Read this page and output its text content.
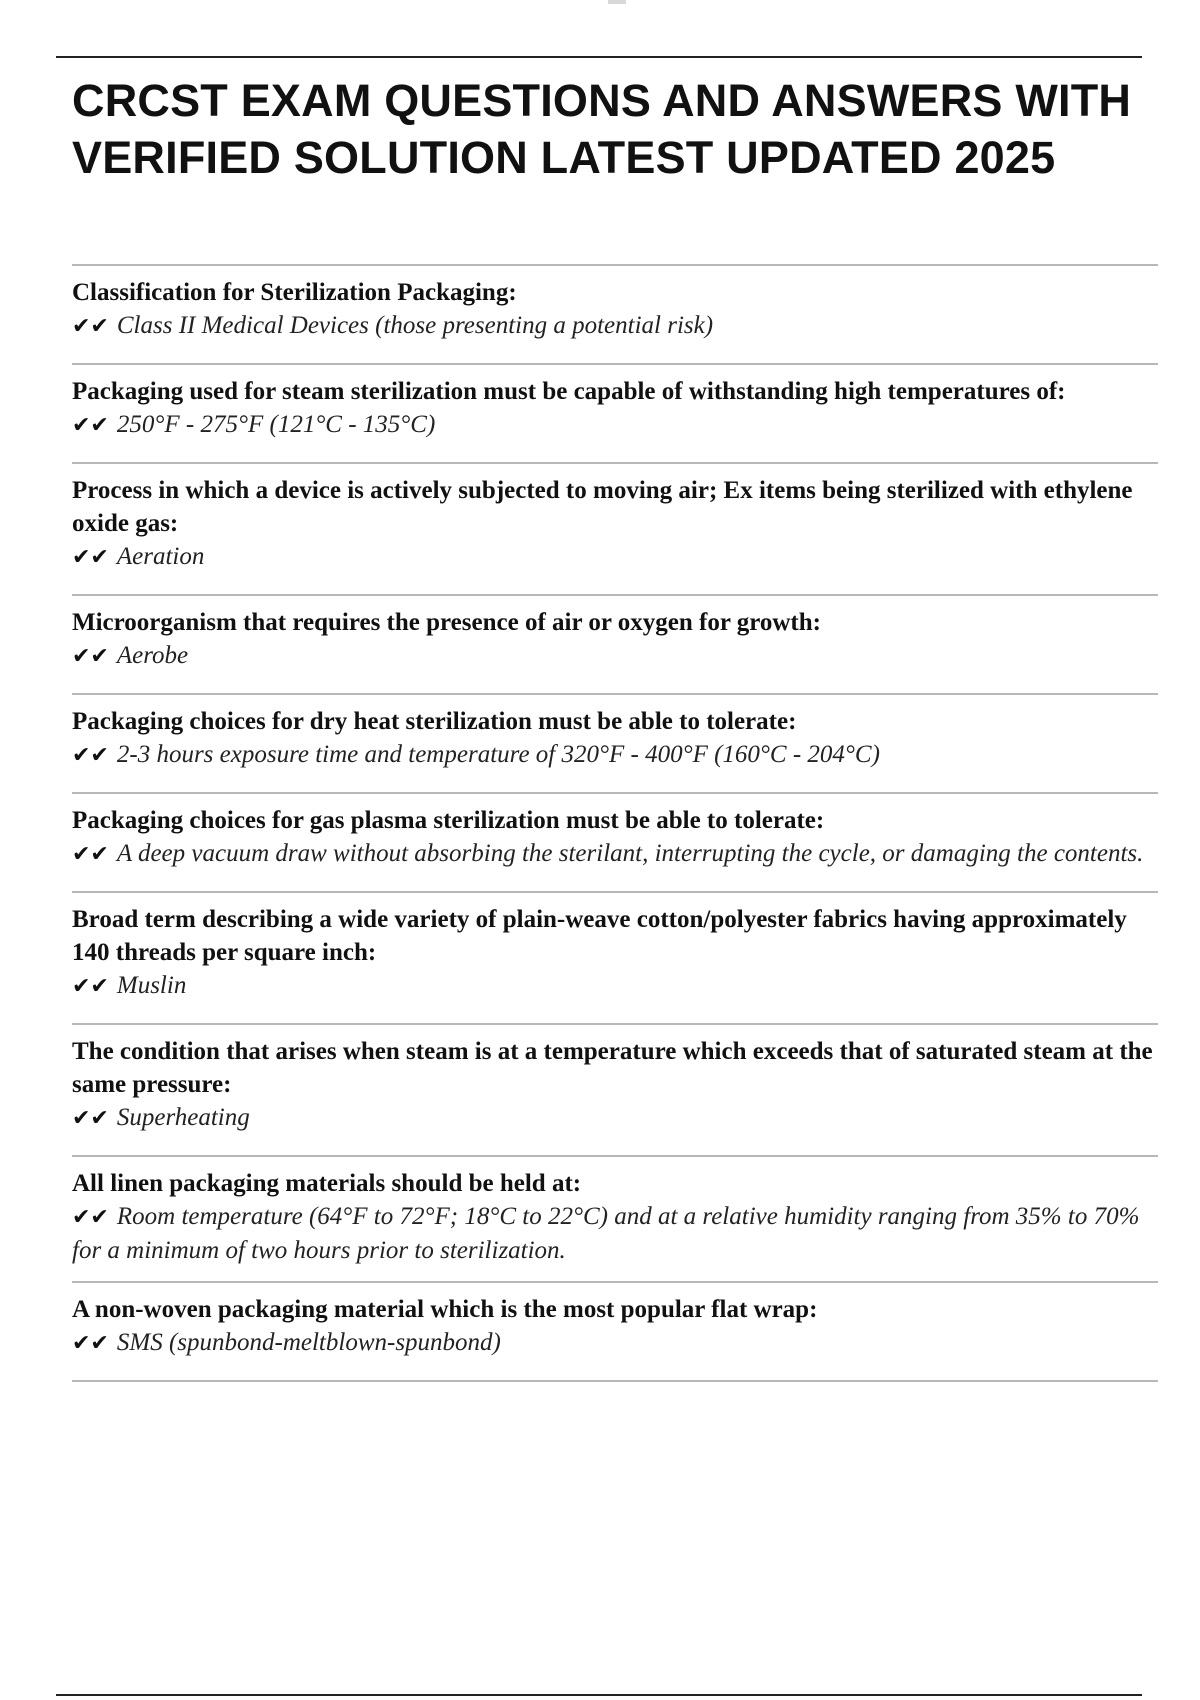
CRCST EXAM QUESTIONS AND ANSWERS WITH VERIFIED SOLUTION LATEST UPDATED 2025
Classification for Sterilization Packaging:
✔✔ Class II Medical Devices (those presenting a potential risk)
Packaging used for steam sterilization must be capable of withstanding high temperatures of:
✔✔ 250°F - 275°F (121°C - 135°C)
Process in which a device is actively subjected to moving air; Ex items being sterilized with ethylene oxide gas:
✔✔ Aeration
Microorganism that requires the presence of air or oxygen for growth:
✔✔ Aerobe
Packaging choices for dry heat sterilization must be able to tolerate:
✔✔ 2-3 hours exposure time and temperature of 320°F - 400°F (160°C - 204°C)
Packaging choices for gas plasma sterilization must be able to tolerate:
✔✔ A deep vacuum draw without absorbing the sterilant, interrupting the cycle, or damaging the contents.
Broad term describing a wide variety of plain-weave cotton/polyester fabrics having approximately 140 threads per square inch:
✔✔ Muslin
The condition that arises when steam is at a temperature which exceeds that of saturated steam at the same pressure:
✔✔ Superheating
All linen packaging materials should be held at:
✔✔ Room temperature (64°F to 72°F; 18°C to 22°C) and at a relative humidity ranging from 35% to 70% for a minimum of two hours prior to sterilization.
A non-woven packaging material which is the most popular flat wrap:
✔✔ SMS (spunbond-meltblown-spunbond)
